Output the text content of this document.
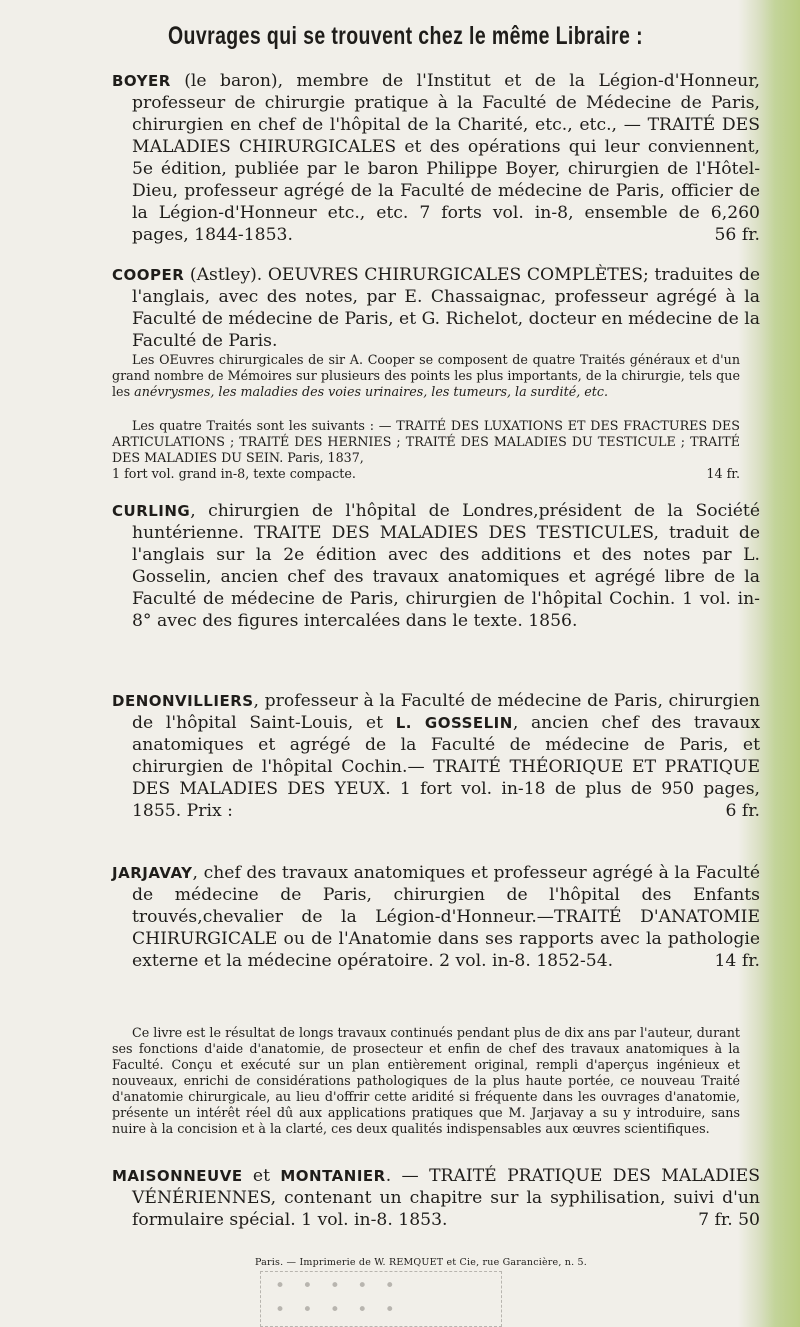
Ouvrages qui se trouvent chez le même Libraire :
BOYER (le baron), membre de l'Institut et de la Légion-d'Honneur, professeur de chirurgie pratique à la Faculté de Médecine de Paris, chirurgien en chef de l'hôpital de la Charité, etc., etc., — TRAITÉ DES MALADIES CHIRURGICALES et des opérations qui leur conviennent, 5e édition, publiée par le baron Philippe Boyer, chirurgien de l'Hôtel-Dieu, professeur agrégé de la Faculté de médecine de Paris, officier de la Légion-d'Honneur etc., etc. 7 forts vol. in-8, ensemble de 6,260 pages, 1844-1853.	56 fr.
COOPER (Astley). OEUVRES CHIRURGICALES COMPLÈTES; traduites de l'anglais, avec des notes, par E. Chassaignac, professeur agrégé à la Faculté de médecine de Paris, et G. Richelot, docteur en médecine de la Faculté de Paris.
Les OEuvres chirurgicales de sir A. Cooper se composent de quatre Traités généraux et d'un grand nombre de Mémoires sur plusieurs des points les plus importants, de la chirurgie, tels que les anévrysmes, les maladies des voies urinaires, les tumeurs, la surdité, etc.
Les quatre Traités sont les suivants : — TRAITÉ DES LUXATIONS ET DES FRACTURES DES ARTICULATIONS ; TRAITÉ DES HERNIES ; TRAITÉ DES MALADIES DU TESTICULE ; TRAITÉ DES MALADIES DU SEIN. Paris, 1837,
1 fort vol. grand in-8, texte compacte.	14 fr.
CURLING, chirurgien de l'hôpital de Londres,président de la Société huntérienne. TRAITE DES MALADIES DES TESTICULES, traduit de l'anglais sur la 2e édition avec des additions et des notes par L. Gosselin, ancien chef des travaux anatomiques et agrégé libre de la Faculté de médecine de Paris, chirurgien de l'hôpital Cochin. 1 vol. in-8° avec des figures intercalées dans le texte. 1856.
DENONVILLIERS, professeur à la Faculté de médecine de Paris, chirurgien de l'hôpital Saint-Louis, et L. GOSSELIN, ancien chef des travaux anatomiques et agrégé de la Faculté de médecine de Paris, et chirurgien de l'hôpital Cochin.— TRAITÉ THÉORIQUE ET PRATIQUE DES MALADIES DES YEUX. 1 fort vol. in-18 de plus de 950 pages, 1855. Prix :	6 fr.
JARJAVAY, chef des travaux anatomiques et professeur agrégé à la Faculté de médecine de Paris, chirurgien de l'hôpital des Enfants trouvés,chevalier de la Légion-d'Honneur.—TRAITÉ D'ANATOMIE CHIRURGICALE ou de l'Anatomie dans ses rapports avec la pathologie externe et la médecine opératoire. 2 vol. in-8. 1852-54.	14 fr.
Ce livre est le résultat de longs travaux continués pendant plus de dix ans par l'auteur, durant ses fonctions d'aide d'anatomie, de prosecteur et enfin de chef des travaux anatomiques à la Faculté. Conçu et exécuté sur un plan entièrement original, rempli d'aperçus ingénieux et nouveaux, enrichi de considérations pathologiques de la plus haute portée, ce nouveau Traité d'anatomie chirurgicale, au lieu d'offrir cette aridité si fréquente dans les ouvrages d'anatomie, présente un intérêt réel dû aux applications pratiques que M. Jarjavay a su y introduire, sans nuire à la concision et à la clarté, ces deux qualités indispensables aux œuvres scientifiques.
MAISONNEUVE et MONTANIER. — TRAITÉ PRATIQUE DES MALADIES VÉNÉRIENNES, contenant un chapitre sur la syphilisation, suivi d'un formulaire spécial. 1 vol. in-8. 1853.	7 fr. 50
Paris. — Imprimerie de W. REMQUET et Cie, rue Garancière, n. 5.
• • • • •
• • • • •
